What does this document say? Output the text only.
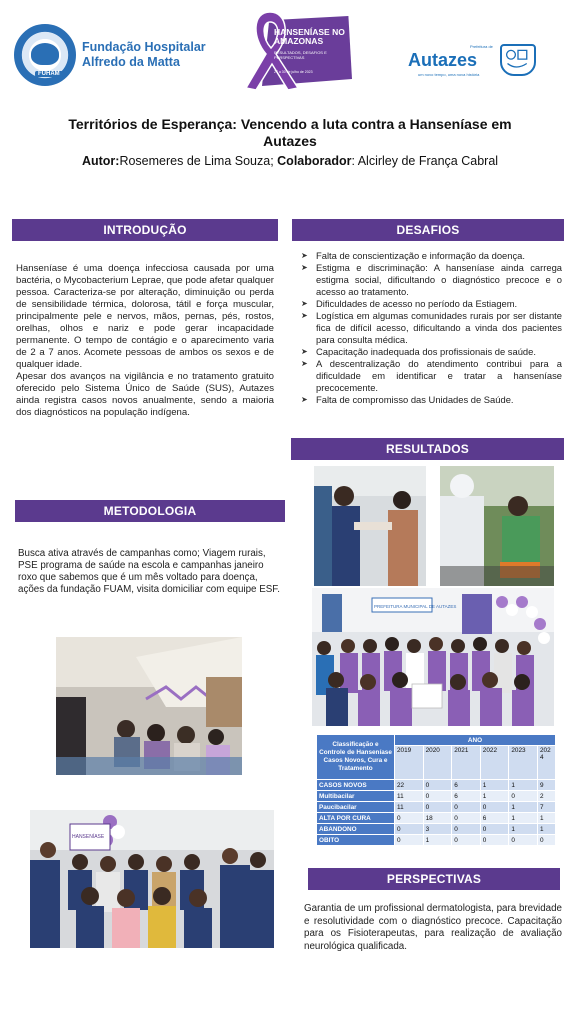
FUHAM
Fundação Hospitalar
Alfredo da Matta
HANSENÍASE NO AMAZONAS
RESULTADOS, DESAFIOS E PERSPECTIVAS
27 a 30 de julho de 2023
Autazes
Prefeitura de
um novo tempo, uma nova história
Territórios de Esperança: Vencendo a luta contra a Hanseníase em Autazes
Autor:Rosemeres de Lima Souza; Colaborador: Alcirley de França Cabral
INTRODUÇÃO

Hanseníase é uma doença infecciosa causada por uma bactéria, o Mycobacterium Leprae, que pode afetar qualquer pessoa. Caracteriza-se por alteração, diminuição ou perda de sensibilidade térmica, dolorosa, tátil e força muscular, principalmente pele e nervos, mãos, pernas, pés, rostos, orelhas, olhos e nariz e pode gerar incapacidade permanente. O tempo de contágio e o aparecimento varia de 2 a 7 anos. Acomete pessoas de ambos os sexos e de qualquer idade.

Apesar dos avanços na vigilância e no tratamento gratuito oferecido pelo Sistema Único de Saúde (SUS), Autazes ainda registra casos novos anualmente, sendo a maioria dos diagnósticos na população indígena.

METODOLOGIA
Busca ativa através de campanhas como; Viagem rurais, PSE programa de saúde na escola e campanhas janeiro roxo que sabemos que é um mês voltado para doença, ações da fundação FUAM, visita domiciliar com equipe ESF.
HANSENÍASE
DESAFIOS
➤ Falta de conscientização e informação da doença.
➤ Estigma e discriminação: A hanseníase ainda carrega estigma social, dificultando o diagnóstico precoce e o acesso ao tratamento.
➤ Dificuldades de acesso no período da Estiagem.
➤ Logística em algumas comunidades rurais por ser distante fica de difícil acesso, dificultando a vinda dos pacientes para consulta médica.
➤ Capacitação inadequada dos profissionais de saúde.
➤ A descentralização do atendimento contribui para a dificuldade em identificar e tratar a hanseníase precocemente.
➤ Falta de compromisso das Unidades de Saúde.
RESULTADOS
PREFEITURA MUNICIPAL DE AUTAZES
Classificação e Controle de Hanseníase Casos Novos, Cura e Tratamento	ANO					
	2019	2020	2021	2022	2023	2024
CASOS NOVOS	22	0	6	1	1	9
Multibacilar	11	0	6	1	0	2
Paucibacilar	11	0	0	0	1	7
ALTA POR CURA	0	18	0	6	1	1
ABANDONO	0	3	0	0	1	1
OBITO	0	1	0	0	0	0
PERSPECTIVAS
Garantia de um profissional dermatologista, para brevidade e resolutividade com o diagnóstico precoce. Capacitação para os Fisioterapeutas, para realização de avaliação neurológica qualificada.
